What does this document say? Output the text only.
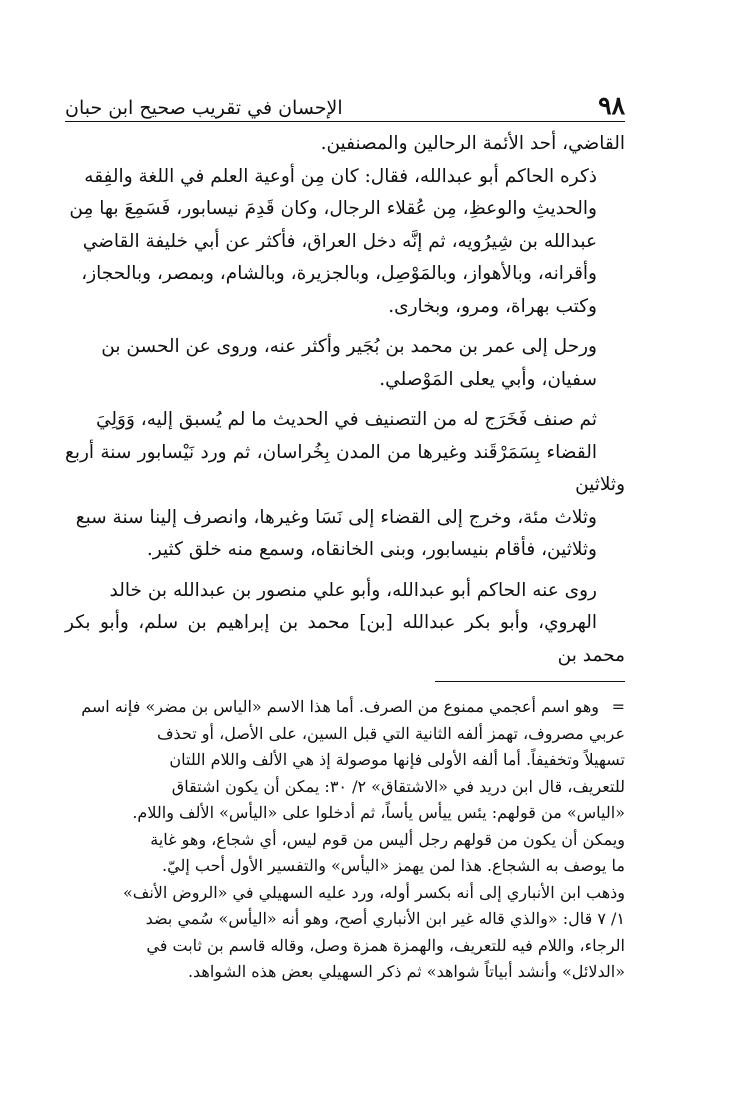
٩٨
الإحسان في تقريب صحيح ابن حبان

القاضي، أحد الأئمة الرحالين والمصنفين.

ذكره الحاكم أبو عبدالله، فقال: كان مِن أوعية العلم في اللغة والفِقه
والحديثِ والوعظِ، مِن عُقلاء الرجال، وكان قَدِمَ نيسابور، فَسَمِعَ بها مِن
عبدالله بن شِيرُويه، ثم إنَّه دخل العراق، فأكثر عن أبي خليفة القاضي
وأقرانه، وبالأهواز، وبالمَوْصِل، وبالجزيرة، وبالشام، وبمصر، وبالحجاز،
وكتب بهراة، ومرو، وبخارى.

ورحل إلى عمر بن محمد بن بُجَير وأكثر عنه، وروى عن الحسن بن
سفيان، وأبي يعلى المَوْصلي.

ثم صنف فَخَرَج له من التصنيف في الحديث ما لم يُسبق إليه، وَوَلِيَ
القضاء بِسَمَرْقَند وغيرها من المدن بِخُراسان، ثم ورد نَيْسابور سنة أربع وثلاثين
وثلاث مئة، وخرج إلى القضاء إلى نَسَا وغيرها، وانصرف إلينا سنة سبع
وثلاثين، فأقام بنيسابور، وبنى الخانقاه، وسمع منه خلق كثير.

روى عنه الحاكم أبو عبدالله، وأبو علي منصور بن عبدالله بن خالد
الهروي، وأبو بكر عبدالله [بن] محمد بن إبراهيم بن سلم، وأبو بكر محمد بن

=وهو اسم أعجمي ممنوع من الصرف. أما هذا الاسم «الياس بن مضر» فإنه اسم
عربي مصروف، تهمز ألفه الثانية التي قبل السين، على الأصل، أو تحذف
تسهيلاً وتخفيفاً. أما ألفه الأولى فإنها موصولة إذ هي الألف واللام اللتان
للتعريف، قال ابن دريد في «الاشتقاق» ٢/ ٣٠: يمكن أن يكون اشتقاق
«الياس» من قولهم: يئس ييأس يأساً، ثم أدخلوا على «اليأس» الألف واللام.
ويمكن أن يكون من قولهم رجل أليس من قوم ليس، أي شجاع، وهو غاية
ما يوصف به الشجاع. هذا لمن يهمز «اليأس» والتفسير الأول أحب إليّ.
وذهب ابن الأنباري إلى أنه بكسر أوله، ورد عليه السهيلي في «الروض الأنف»
١/ ٧ قال: «والذي قاله غير ابن الأنباري أصح، وهو أنه «اليأس» سُمي بضد
الرجاء، واللام فيه للتعريف، والهمزة همزة وصل، وقاله قاسم بن ثابت في
«الدلائل» وأنشد أبياتاً شواهد» ثم ذكر السهيلي بعض هذه الشواهد.
